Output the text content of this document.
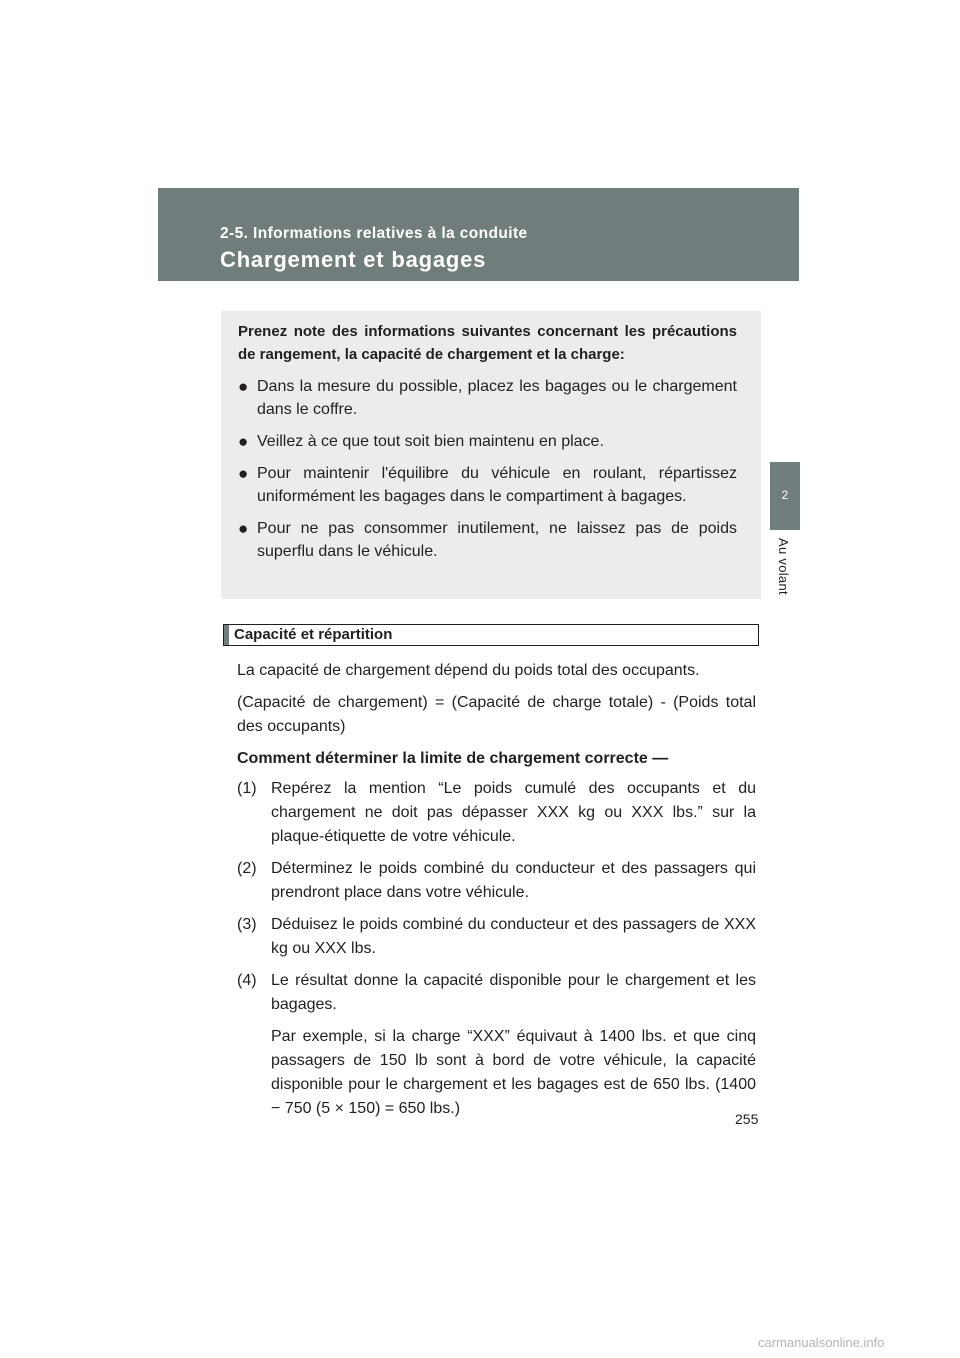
2-5. Informations relatives à la conduite
Chargement et bagages
2
Au volant

Prenez note des informations suivantes concernant les précautions de rangement, la capacité de chargement et la charge:

● Dans la mesure du possible, placez les bagages ou le chargement dans le coffre.
● Veillez à ce que tout soit bien maintenu en place.
● Pour maintenir l'équilibre du véhicule en roulant, répartissez uniformément les bagages dans le compartiment à bagages.
● Pour ne pas consommer inutilement, ne laissez pas de poids superflu dans le véhicule.
Capacité et répartition

La capacité de chargement dépend du poids total des occupants.

(Capacité de chargement) = (Capacité de charge totale) - (Poids total des occupants)

Comment déterminer la limite de chargement correcte —

(1) Repérez la mention “Le poids cumulé des occupants et du chargement ne doit pas dépasser XXX kg ou XXX lbs.” sur la plaque-étiquette de votre véhicule.
(2) Déterminez le poids combiné du conducteur et des passagers qui prendront place dans votre véhicule.
(3) Déduisez le poids combiné du conducteur et des passagers de XXX kg ou XXX lbs.
(4) Le résultat donne la capacité disponible pour le chargement et les bagages.
Par exemple, si la charge “XXX” équivaut à 1400 lbs. et que cinq passagers de 150 lb sont à bord de votre véhicule, la capacité disponible pour le chargement et les bagages est de 650 lbs. (1400 − 750 (5 × 150) = 650 lbs.)
255
carmanualsonline.info
